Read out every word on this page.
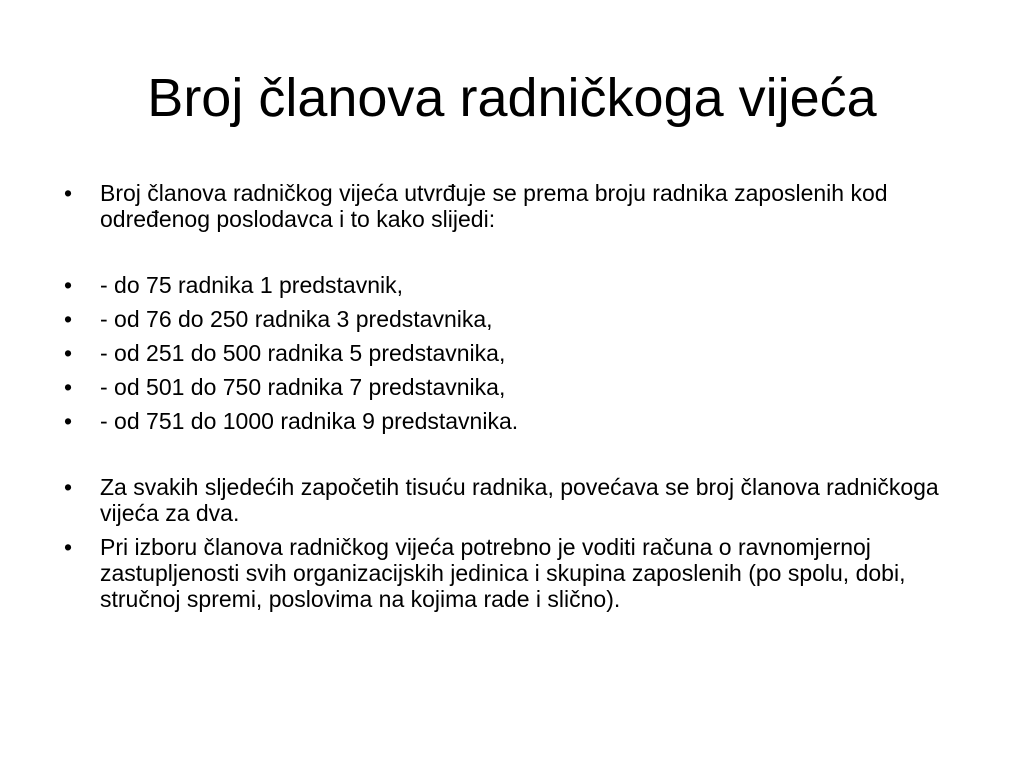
Broj članova radničkoga vijeća
•	Broj članova radničkog vijeća utvrđuje se prema broju radnika zaposlenih kod određenog poslodavca i to kako slijedi:
•	- do 75 radnika 1 predstavnik,
•	- od 76 do 250 radnika 3 predstavnika,
•	- od 251 do 500 radnika 5 predstavnika,
•	- od 501 do 750 radnika 7 predstavnika,
•	- od 751 do 1000 radnika 9 predstavnika.
•	Za svakih sljedećih započetih tisuću radnika, povećava se broj članova radničkoga vijeća za dva.
•	Pri izboru članova radničkog vijeća potrebno je voditi računa o ravnomjernoj zastupljenosti svih organizacijskih jedinica i skupina zaposlenih (po spolu, dobi, stručnoj spremi, poslovima na kojima rade i slično).
